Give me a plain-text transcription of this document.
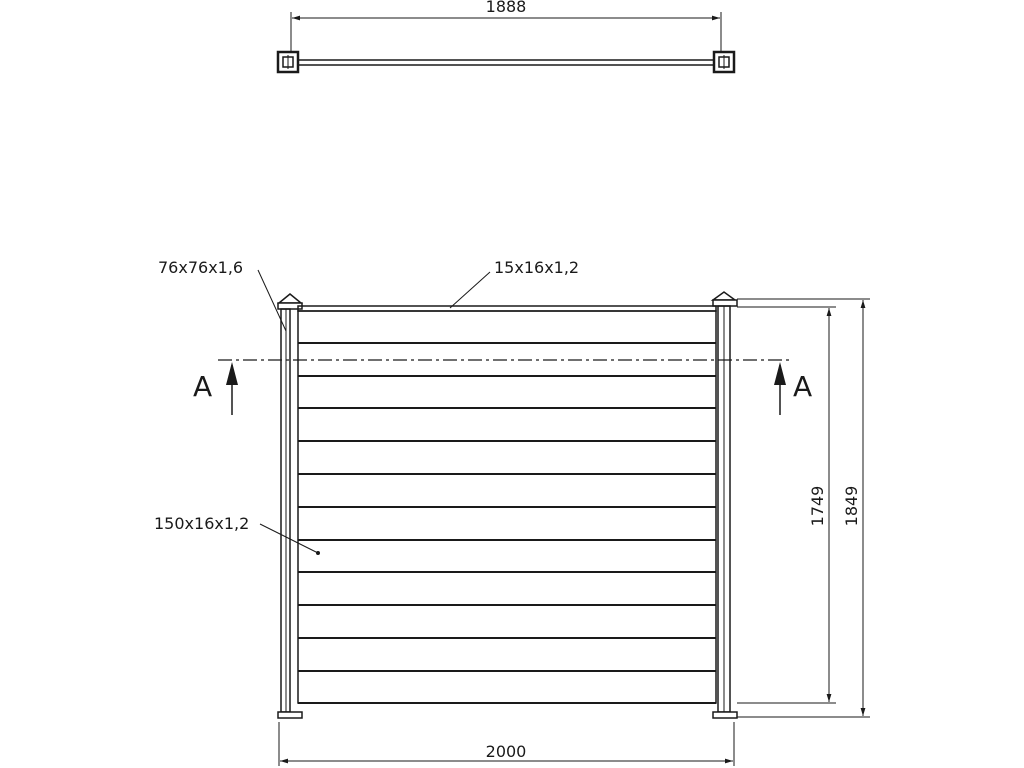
1888
76x76x1,6	15x16x1,2
150x16x1,2
A	A
2000
1749 1849
